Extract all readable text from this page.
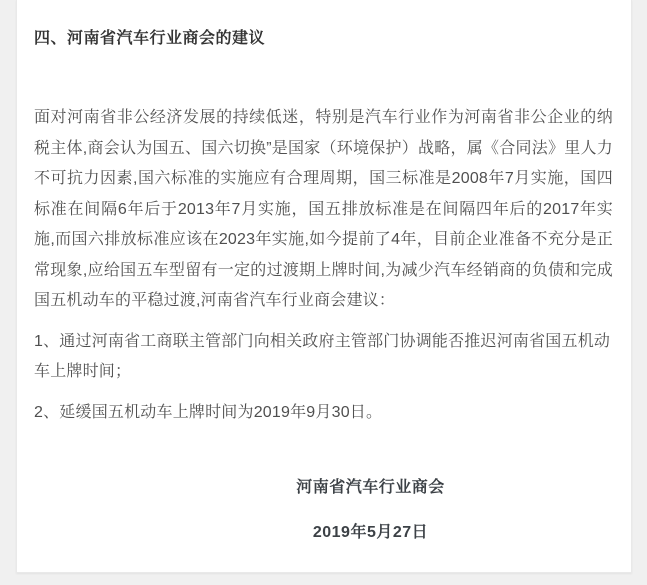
四、河南省汽车行业商会的建议

面对河南省非公经济发展的持续低迷，特别是汽车行业作为河南省非公企业的纳税主体,商会认为国五、国六切换”是国家（环境保护）战略，属《合同法》里人力不可抗力因素,国六标准的实施应有合理周期，国三标准是2008年7月实施，国四标准在间隔6年后于2013年7月实施，国五排放标准是在间隔四年后的2017年实施,而国六排放标准应该在2023年实施,如今提前了4年，目前企业准备不充分是正常现象,应给国五车型留有一定的过渡期上牌时间,为减少汽车经销商的负债和完成国五机动车的平稳过渡,河南省汽车行业商会建议：

1、通过河南省工商联主管部门向相关政府主管部门协调能否推迟河南省国五机动车上牌时间；

2、延缓国五机动车上牌时间为2019年9月30日。

河南省汽车行业商会

2019年5月27日
